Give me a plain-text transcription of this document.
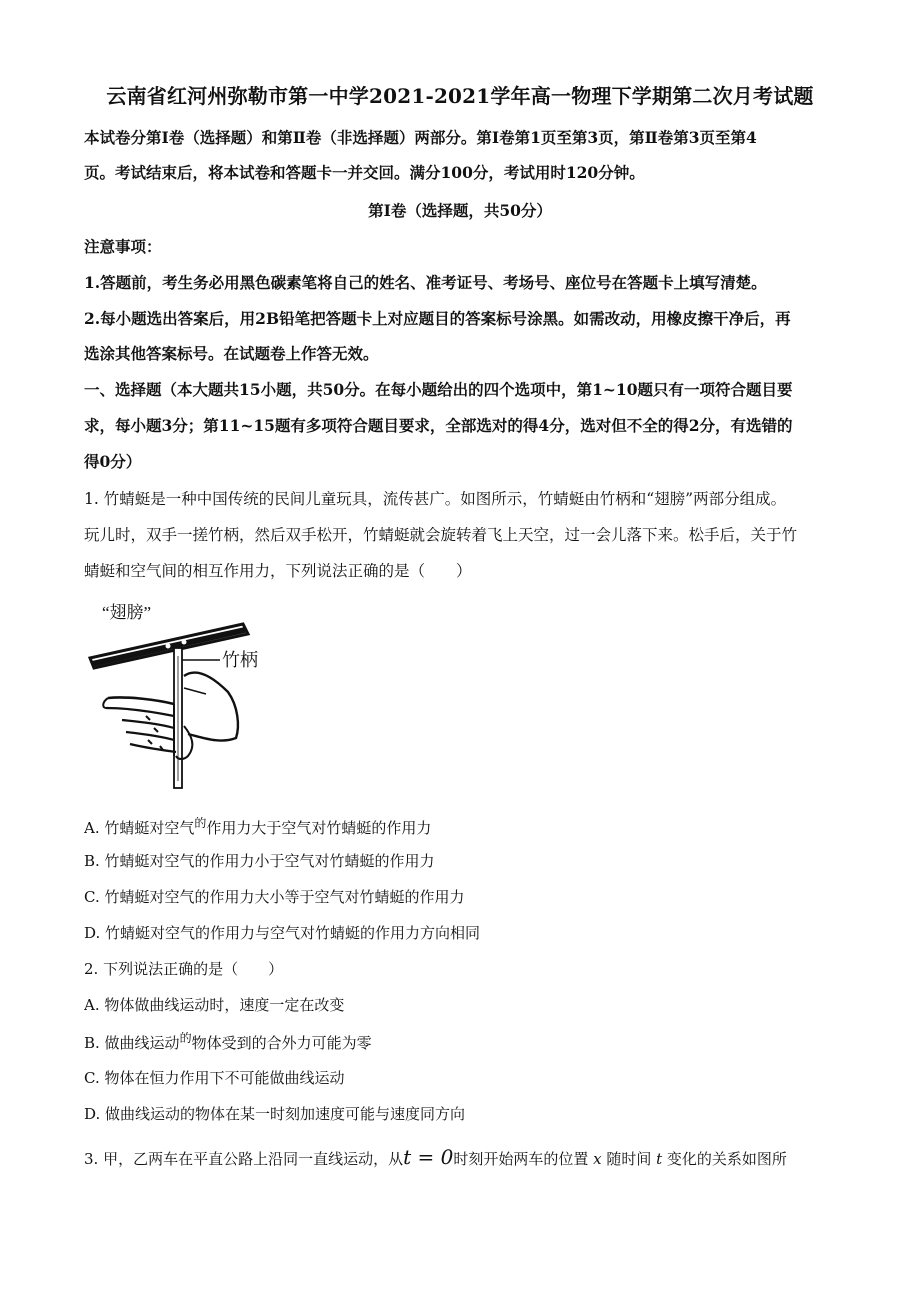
云南省红河州弥勒市第一中学2021-2021学年高一物理下学期第二次月考试题
本试卷分第Ⅰ卷（选择题）和第Ⅱ卷（非选择题）两部分。第Ⅰ卷第1页至第3页，第Ⅱ卷第3页至第4
页。考试结束后，将本试卷和答题卡一并交回。满分100分，考试用时120分钟。
第Ⅰ卷（选择题，共50分）
注意事项：
1.答题前，考生务必用黑色碳素笔将自己的姓名、准考证号、考场号、座位号在答题卡上填写清楚。
2.每小题选出答案后，用2B铅笔把答题卡上对应题目的答案标号涂黑。如需改动，用橡皮擦干净后，再
选涂其他答案标号。在试题卷上作答无效。
一、选择题（本大题共15小题，共50分。在每小题给出的四个选项中，第1~10题只有一项符合题目要
求，每小题3分；第11~15题有多项符合题目要求，全部选对的得4分，选对但不全的得2分，有选错的
得0分）
1. 竹蜻蜓是一种中国传统的民间儿童玩具，流传甚广。如图所示，竹蜻蜓由竹柄和“翅膀”两部分组成。
玩儿时，双手一搓竹柄，然后双手松开，竹蜻蜓就会旋转着飞上天空，过一会儿落下来。松手后，关于竹
蜻蜓和空气间的相互作用力，下列说法正确的是（　　）
“翅膀”
竹柄
A. 竹蜻蜓对空气$^的$作用力大于空气对竹蜻蜓的作用力
B. 竹蜻蜓对空气的作用力小于空气对竹蜻蜓的作用力
C. 竹蜻蜓对空气的作用力大小等于空气对竹蜻蜓的作用力
D. 竹蜻蜓对空气的作用力与空气对竹蜻蜓的作用力方向相同
2. 下列说法正确的是（　　）
A. 物体做曲线运动时，速度一定在改变
B. 做曲线运动$^的$物体受到的合外力可能为零
C. 物体在恒力作用下不可能做曲线运动
D. 做曲线运动的物体在某一时刻加速度可能与速度同方向
3. 甲，乙两车在平直公路上沿同一直线运动，从t = 0时刻开始两车的位置 x 随时间 t 变化的关系如图所
